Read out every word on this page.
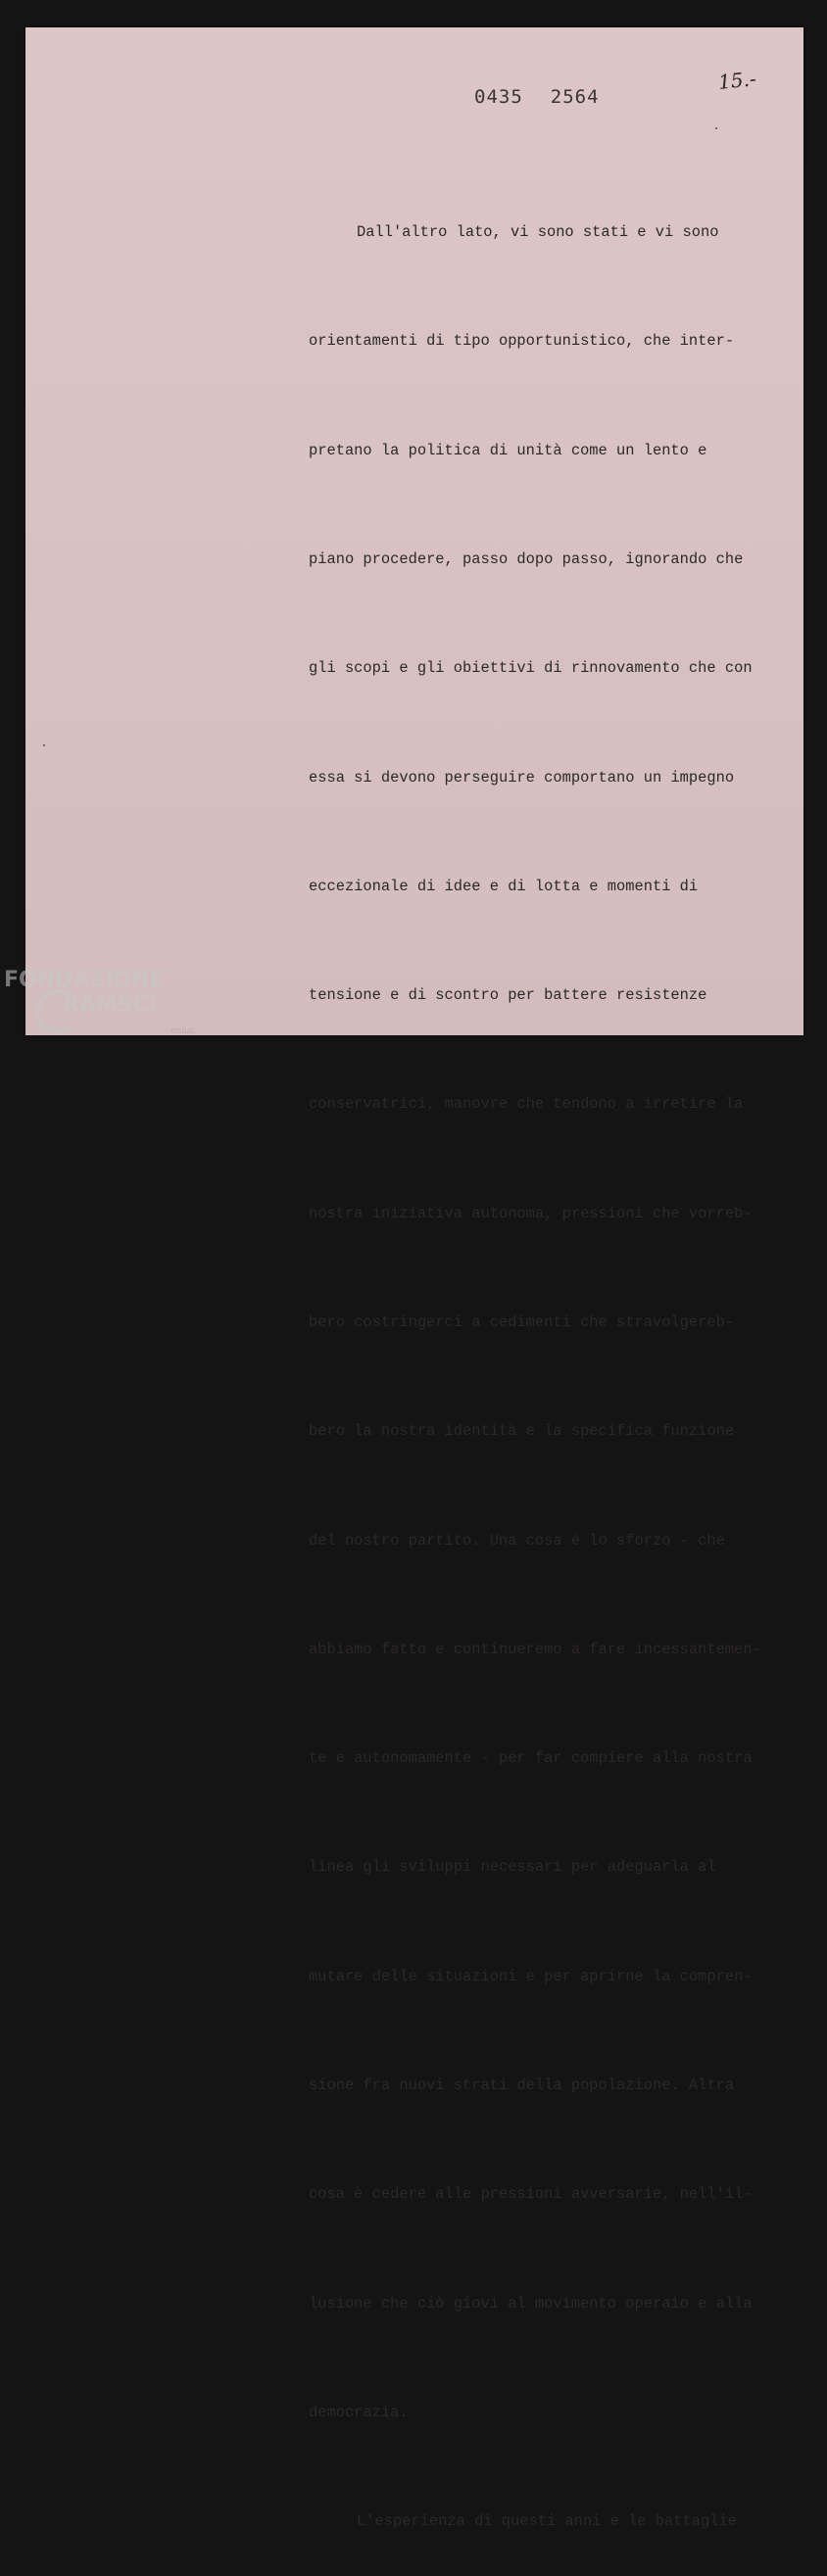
0435 2564
15.-

Dall'altro lato, vi sono stati e vi sono

orientamenti di tipo opportunistico, che inter-

pretano la politica di unità come un lento e

piano procedere, passo dopo passo, ignorando che

gli scopi e gli obiettivi di rinnovamento che con

essa si devono perseguire comportano un impegno

eccezionale di idee e di lotta e momenti di

tensione e di scontro per battere resistenze

conservatrici, manovre che tendono a irretire la

nostra iniziativa autonoma, pressioni che vorreb-

bero costringerci a cedimenti che stravolgereb-

bero la nostra identità e la specifica funzione

del nostro partito. Una cosa è lo sforzo - che

abbiamo fatto e continueremo a fare incessantemen-

te e autonomamente - per far compiere alla nostra

linea gli sviluppi necessari per adeguarla al

mutare delle situazioni e per aprirne la compren-

sione fra nuovi strati della popolazione. Altra

cosa è cedere alle pressioni avversarie, nell'il-

lusione che ciò giovi al movimento operaio e alla

democrazia.

L'esperienza di questi anni e le battaglie

FONDAZIONE
RAMSCI
onlus
